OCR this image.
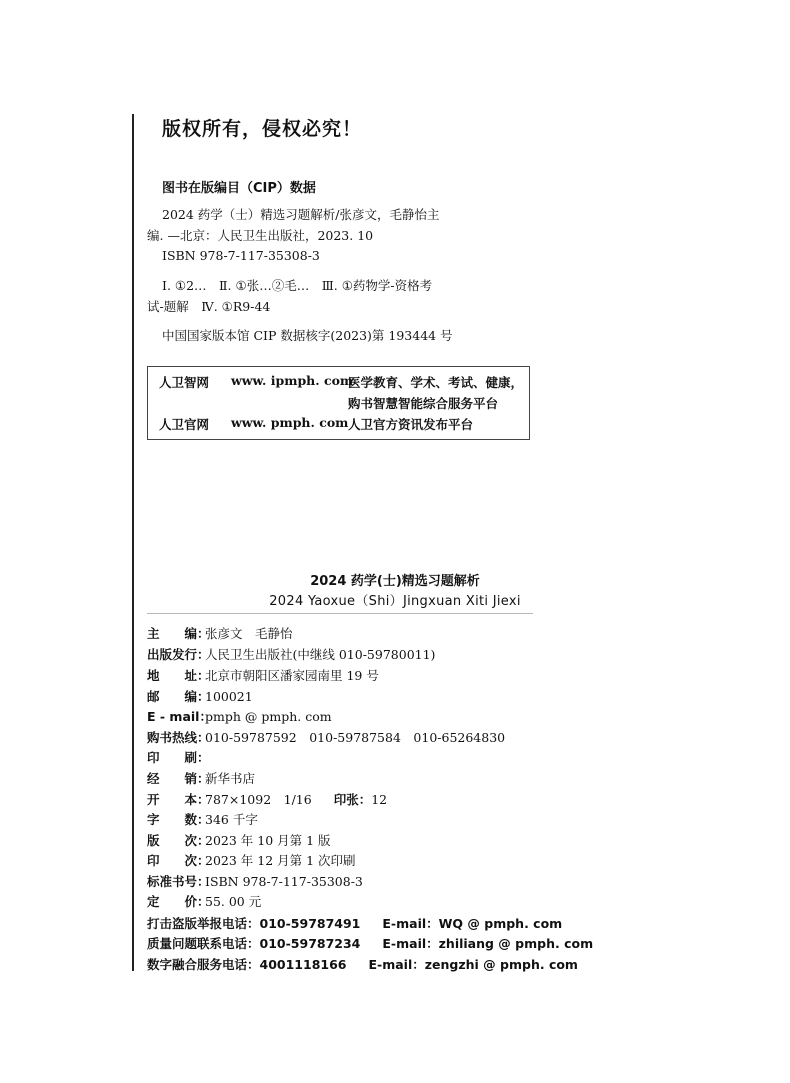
版权所有，侵权必究！
图书在版编目（CIP）数据
2024 药学（士）精选习题解析/张彦文，毛静怡主
编. —北京：人民卫生出版社，2023. 10
ISBN 978-7-117-35308-3
Ⅰ. ①2…　Ⅱ. ①张…②毛…　Ⅲ. ①药物学-资格考
试-题解　Ⅳ. ①R9-44
中国国家版本馆 CIP 数据核字(2023)第 193444 号
人卫智网 www. ipmph. com
医学教育、学术、考试、健康，
购书智慧智能综合服务平台
人卫官网 www. pmph. com 人卫官方资讯发布平台
2024 药学(士)精选习题解析
2024 Yaoxue（Shi）Jingxuan Xiti Jiexi
主　　编：
张彦文　毛静怡
出版发行：
人民卫生出版社(中继线 010-59780011)
地　　址：
北京市朝阳区潘家园南里 19 号
邮　　编：
100021
E - mail：
pmph @ pmph. com
购书热线：
010-59787592　010-59787584　010-65264830
印　　刷：
经　　销：
新华书店
开　　本：
787×1092　1/16 印张： 12
字　　数：
346 千字
版　　次：
2023 年 10 月第 1 版
印　　次：
2023 年 12 月第 1 次印刷
标准书号：
ISBN 978-7-117-35308-3
定　　价：
55. 00 元
打击盗版举报电话： 010-59787491 E-mail：WQ @ pmph. com
质量问题联系电话： 010-59787234 E-mail：zhiliang @ pmph. com
数字融合服务电话： 4001118166 E-mail：zengzhi @ pmph. com
